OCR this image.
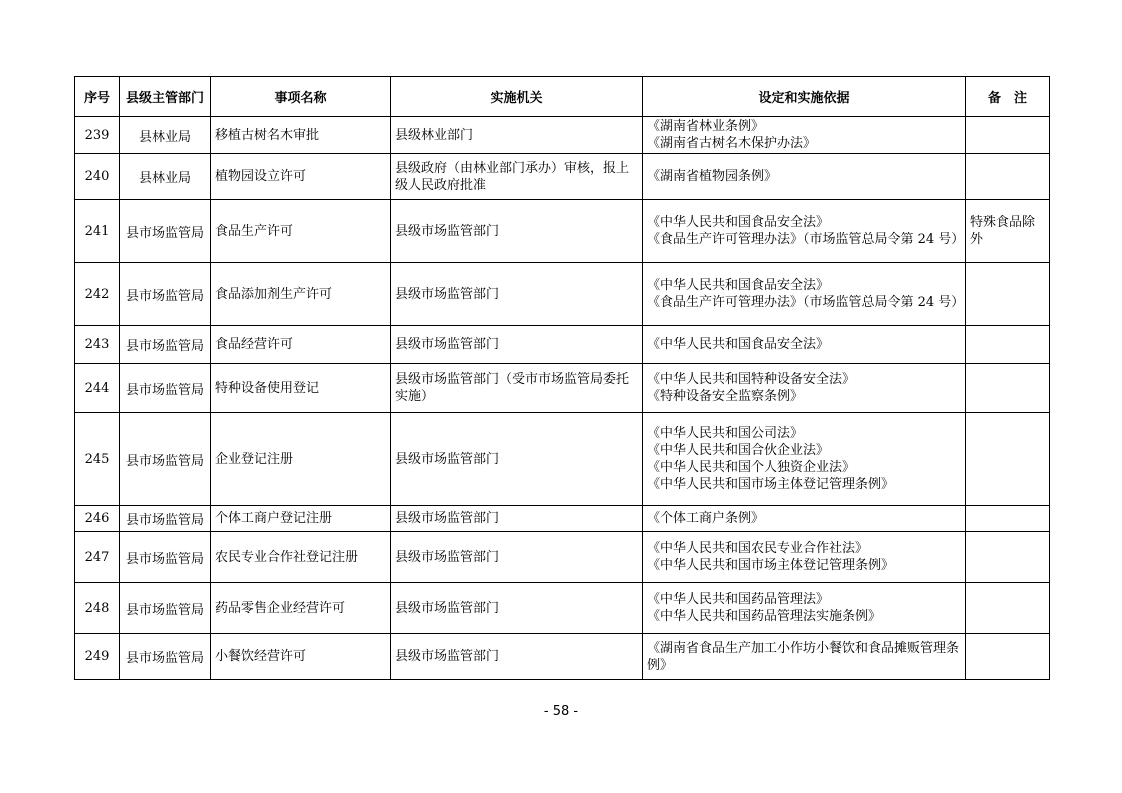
序号	县级主管部门	事项名称	实施机关	设定和实施依据	备　注
239	县林业局	移植古树名木审批	县级林业部门	《湖南省林业条例》
《湖南省古树名木保护办法》	

240	县林业局	植物园设立许可	县级政府（由林业部门承办）审核，报上级人民政府批准	《湖南省植物园条例》	

241	县市场监管局	食品生产许可	县级市场监管部门	《中华人民共和国食品安全法》
《食品生产许可管理办法》（市场监管总局令第 24 号）	特殊食品除外
242	县市场监管局	食品添加剂生产许可	县级市场监管部门	《中华人民共和国食品安全法》
《食品生产许可管理办法》（市场监管总局令第 24 号）	

243	县市场监管局	食品经营许可	县级市场监管部门	《中华人民共和国食品安全法》	

244	县市场监管局	特种设备使用登记	县级市场监管部门（受市市场监管局委托实施）	《中华人民共和国特种设备安全法》
《特种设备安全监察条例》	

245	县市场监管局	企业登记注册	县级市场监管部门	《中华人民共和国公司法》
《中华人民共和国合伙企业法》
《中华人民共和国个人独资企业法》
《中华人民共和国市场主体登记管理条例》	

246	县市场监管局	个体工商户登记注册	县级市场监管部门	《个体工商户条例》	

247	县市场监管局	农民专业合作社登记注册	县级市场监管部门	《中华人民共和国农民专业合作社法》
《中华人民共和国市场主体登记管理条例》	

248	县市场监管局	药品零售企业经营许可	县级市场监管部门	《中华人民共和国药品管理法》
《中华人民共和国药品管理法实施条例》	

249	县市场监管局	小餐饮经营许可	县级市场监管部门	《湖南省食品生产加工小作坊小餐饮和食品摊贩管理条例》	

- 58 -
